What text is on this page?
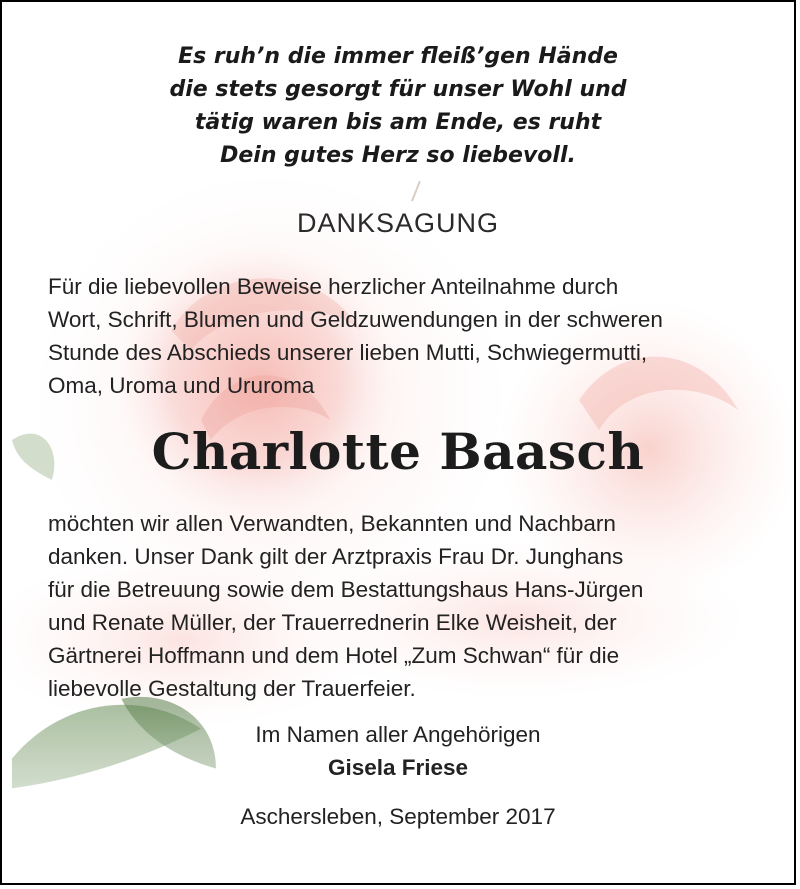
Es ruh’n die immer fleiß’gen Hände
die stets gesorgt für unser Wohl und
tätig waren bis am Ende, es ruht
Dein gutes Herz so liebevoll.
DANKSAGUNG
Für die liebevollen Beweise herzlicher Anteilnahme durch
Wort, Schrift, Blumen und Geldzuwendungen in der schweren
Stunde des Abschieds unserer lieben Mutti, Schwiegermutti,
Oma, Uroma und Ururoma
Charlotte Baasch
möchten wir allen Verwandten, Bekannten und Nachbarn
danken. Unser Dank gilt der Arztpraxis Frau Dr. Junghans
für die Betreuung sowie dem Bestattungshaus Hans-Jürgen
und Renate Müller, der Trauerrednerin Elke Weisheit, der
Gärtnerei Hoffmann und dem Hotel „Zum Schwan“ für die
liebevolle Gestaltung der Trauerfeier.
Im Namen aller Angehörigen
Gisela Friese
Aschersleben, September 2017
